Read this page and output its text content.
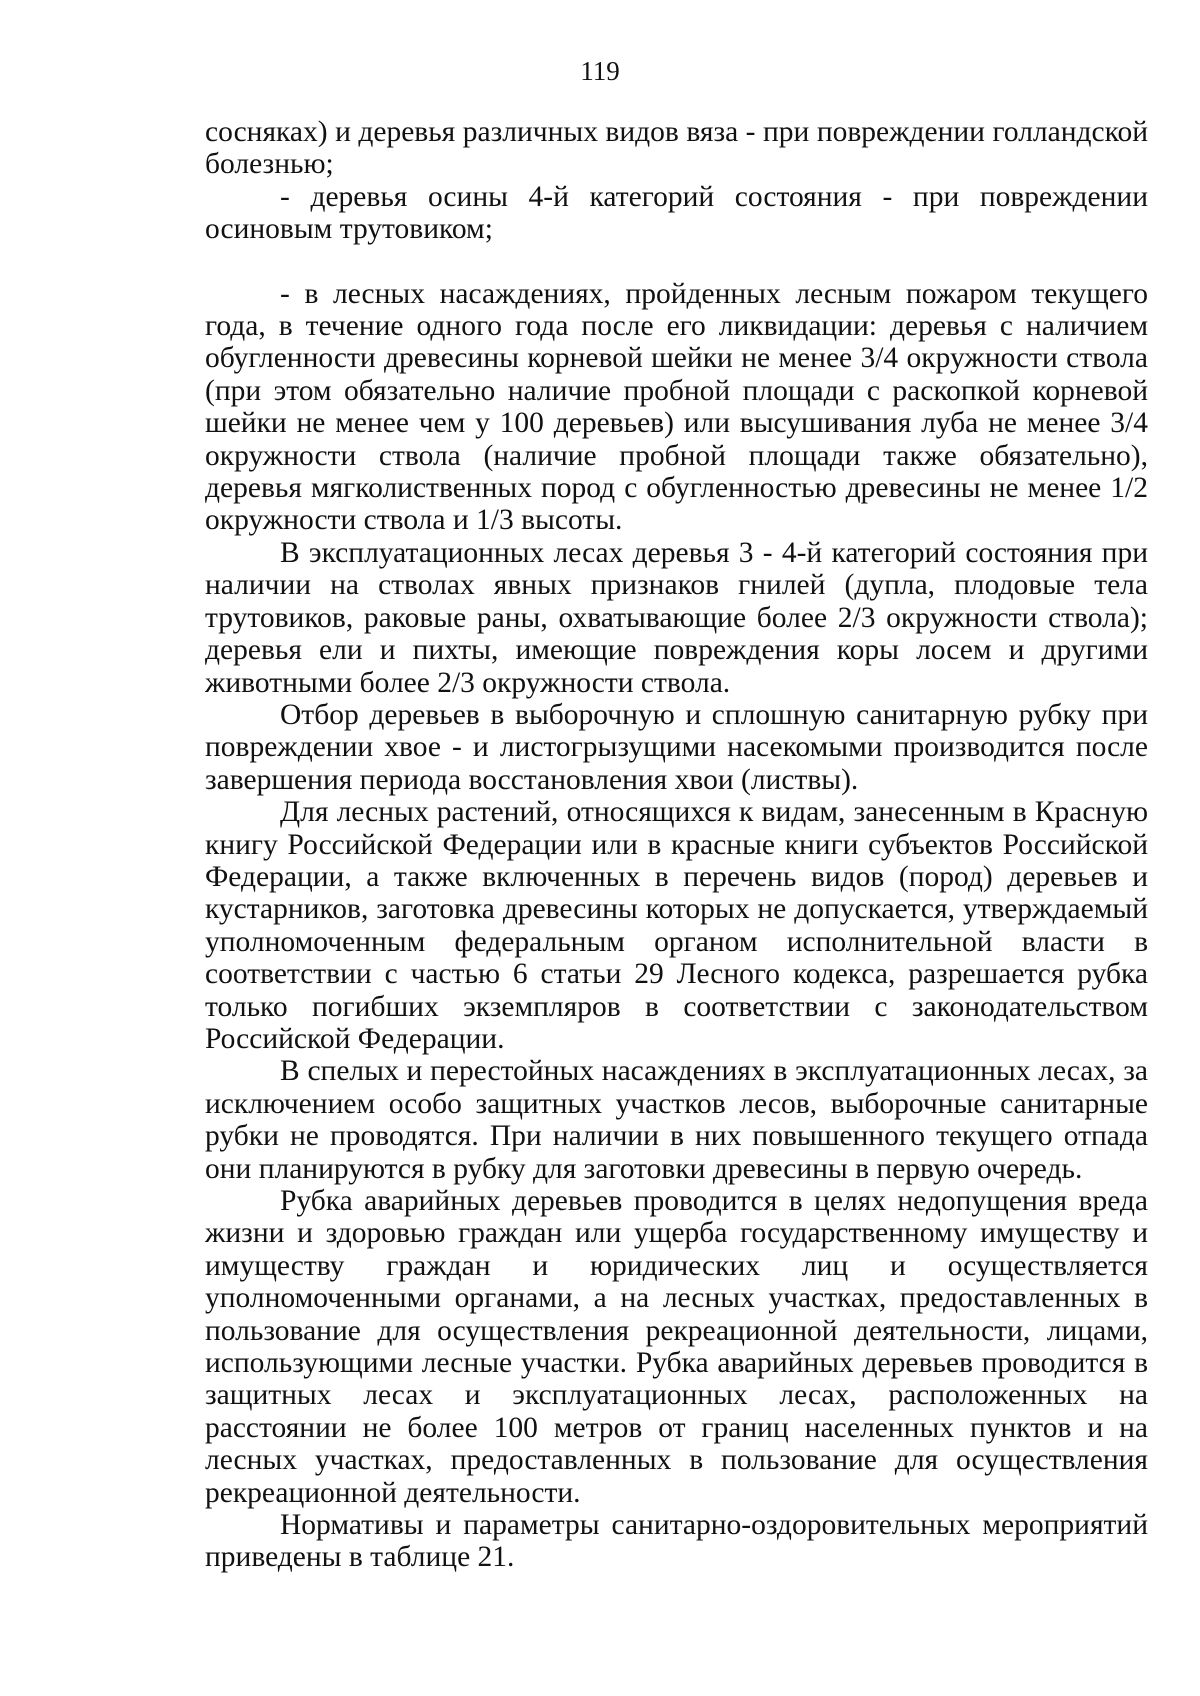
119

сосняках) и деревья различных видов вяза - при повреждении голландской болезнью;

- деревья осины 4-й категорий состояния - при повреждении осиновым трутовиком;

- в лесных насаждениях, пройденных лесным пожаром текущего года, в течение одного года после его ликвидации: деревья с наличием обугленности древесины корневой шейки не менее 3/4 окружности ствола (при этом обязательно наличие пробной площади с раскопкой корневой шейки не менее чем у 100 деревьев) или высушивания луба не менее 3/4 окружности ствола (наличие пробной площади также обязательно), деревья мягколиственных пород с обугленностью древесины не менее 1/2 окружности ствола и 1/3 высоты.

В эксплуатационных лесах деревья 3 - 4-й категорий состояния при наличии на стволах явных признаков гнилей (дупла, плодовые тела трутовиков, раковые раны, охватывающие более 2/3 окружности ствола); деревья ели и пихты, имеющие повреждения коры лосем и другими животными более 2/3 окружности ствола.

Отбор деревьев в выборочную и сплошную санитарную рубку при повреждении хвое - и листогрызущими насекомыми производится после завершения периода восстановления хвои (листвы).

Для лесных растений, относящихся к видам, занесенным в Красную книгу Российской Федерации или в красные книги субъектов Российской Федерации, а также включенных в перечень видов (пород) деревьев и кустарников, заготовка древесины которых не допускается, утверждаемый уполномоченным федеральным органом исполнительной власти в соответствии с частью 6 статьи 29 Лесного кодекса, разрешается рубка только погибших экземпляров в соответствии с законодательством Российской Федерации.

В спелых и перестойных насаждениях в эксплуатационных лесах, за исключением особо защитных участков лесов, выборочные санитарные рубки не проводятся. При наличии в них повышенного текущего отпада они планируются в рубку для заготовки древесины в первую очередь.

Рубка аварийных деревьев проводится в целях недопущения вреда жизни и здоровью граждан или ущерба государственному имуществу и имуществу граждан и юридических лиц и осуществляется уполномоченными органами, а на лесных участках, предоставленных в пользование для осуществления рекреационной деятельности, лицами, использующими лесные участки. Рубка аварийных деревьев проводится в защитных лесах и эксплуатационных лесах, расположенных на расстоянии не более 100 метров от границ населенных пунктов и на лесных участках, предоставленных в пользование для осуществления рекреационной деятельности.

Нормативы и параметры санитарно-оздоровительных мероприятий приведены в таблице 21.
